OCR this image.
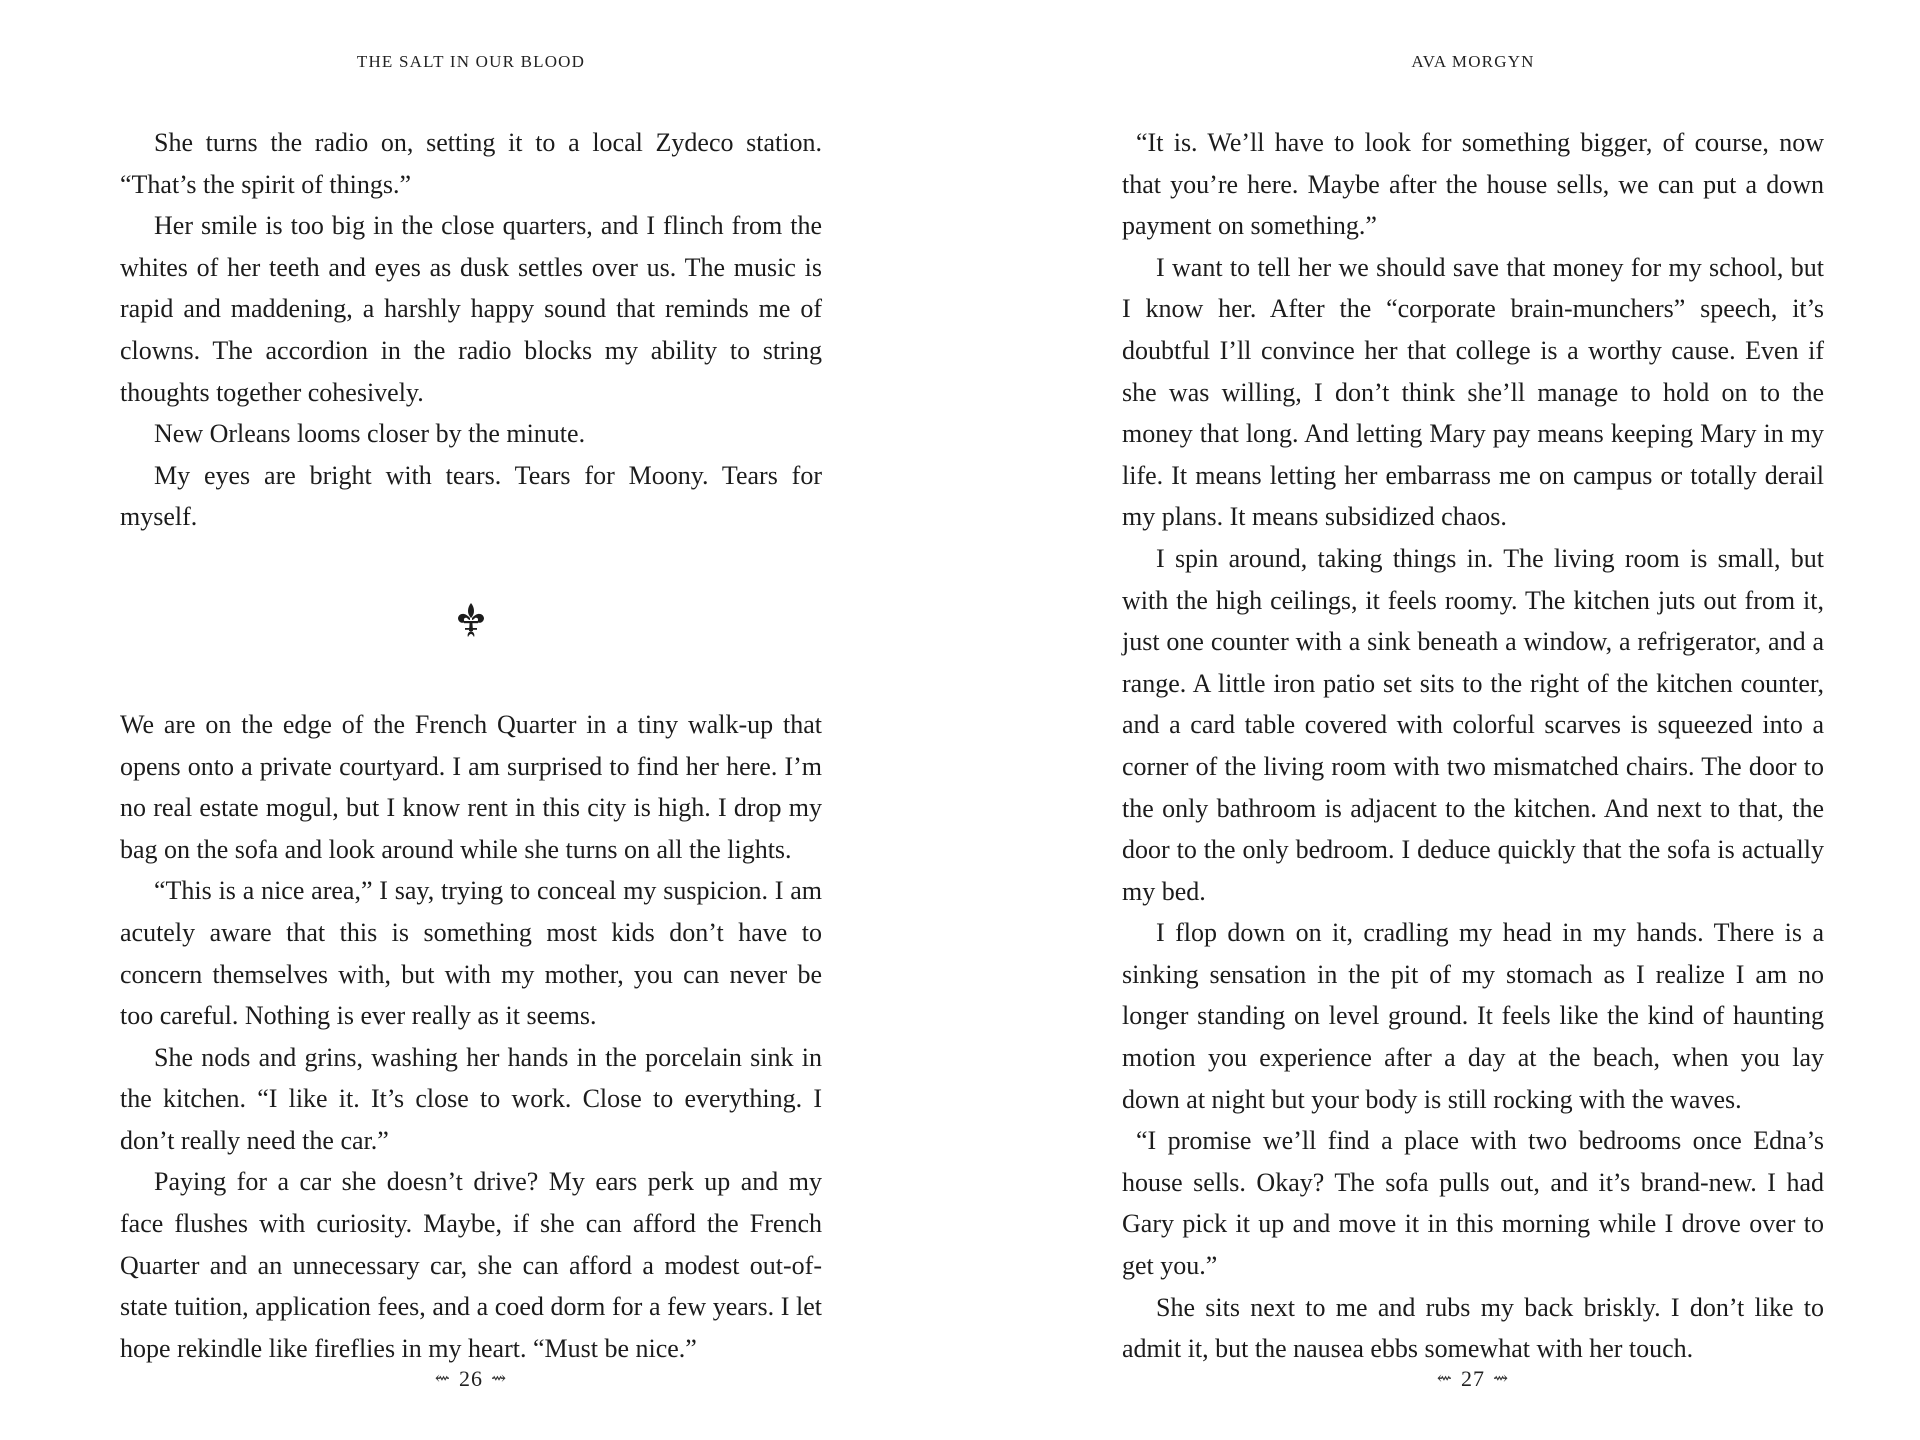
THE SALT IN OUR BLOOD

She turns the radio on, setting it to a local Zydeco station. “That’s the spirit of things.”

Her smile is too big in the close quarters, and I flinch from the whites of her teeth and eyes as dusk settles over us. The music is rapid and maddening, a harshly happy sound that reminds me of clowns. The accordion in the radio blocks my ability to string thoughts together cohesively.

New Orleans looms closer by the minute.

My eyes are bright with tears. Tears for Moony. Tears for myself.

We are on the edge of the French Quarter in a tiny walk-up that opens onto a private courtyard. I am surprised to find her here. I’m no real estate mogul, but I know rent in this city is high. I drop my bag on the sofa and look around while she turns on all the lights.

“This is a nice area,” I say, trying to conceal my suspicion. I am acutely aware that this is something most kids don’t have to concern themselves with, but with my mother, you can never be too careful. Nothing is ever really as it seems.

She nods and grins, washing her hands in the porcelain sink in the kitchen. “I like it. It’s close to work. Close to everything. I don’t really need the car.”

Paying for a car she doesn’t drive? My ears perk up and my face flushes with curiosity. Maybe, if she can afford the French Quarter and an unnecessary car, she can afford a modest out-of-state tuition, application fees, and a coed dorm for a few years. I let hope rekindle like fireflies in my heart. “Must be nice.”

⇜ 26 ⇝
AVA MORGYN

“It is. We’ll have to look for something bigger, of course, now that you’re here. Maybe after the house sells, we can put a down payment on something.”

I want to tell her we should save that money for my school, but I know her. After the “corporate brain-munchers” speech, it’s doubtful I’ll convince her that college is a worthy cause. Even if she was willing, I don’t think she’ll manage to hold on to the money that long. And letting Mary pay means keeping Mary in my life. It means letting her embarrass me on campus or totally derail my plans. It means subsidized chaos.

I spin around, taking things in. The living room is small, but with the high ceilings, it feels roomy. The kitchen juts out from it, just one counter with a sink beneath a window, a refrigerator, and a range. A little iron patio set sits to the right of the kitchen counter, and a card table covered with colorful scarves is squeezed into a corner of the living room with two mismatched chairs. The door to the only bathroom is adjacent to the kitchen. And next to that, the door to the only bedroom. I deduce quickly that the sofa is actually my bed.

I flop down on it, cradling my head in my hands. There is a sinking sensation in the pit of my stomach as I realize I am no longer standing on level ground. It feels like the kind of haunting motion you experience after a day at the beach, when you lay down at night but your body is still rocking with the waves.

“I promise we’ll find a place with two bedrooms once Edna’s house sells. Okay? The sofa pulls out, and it’s brand-new. I had Gary pick it up and move it in this morning while I drove over to get you.”

She sits next to me and rubs my back briskly. I don’t like to admit it, but the nausea ebbs somewhat with her touch.

⇜ 27 ⇝
